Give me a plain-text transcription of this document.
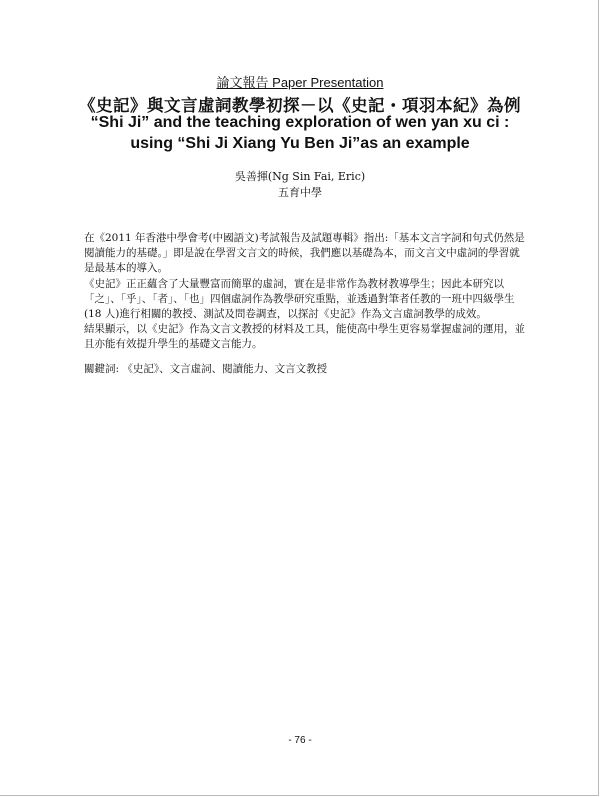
論文報告 Paper Presentation
《史記》與文言虛詞教學初探－以《史記・項羽本紀》為例
“Shi Ji” and the teaching exploration of wen yan xu ci : using “Shi Ji Xiang Yu Ben Ji”as an example
吳善揮(Ng Sin Fai, Eric)
五育中學

在《2011 年香港中學會考(中國語文)考試報告及試題專輯》指出:「基本文言字詞和句式仍然是閱讀能力的基礎。」即是說在學習文言文的時候，我們應以基礎為本，而文言文中虛詞的學習就是最基本的導入。

《史記》正正蘊含了大量豐富而簡單的虛詞，實在是非常作為教材教導學生；因此本研究以「之」、「乎」、「者」、「也」四個虛詞作為教學研究重點，並透過對筆者任教的一班中四級學生(18 人)進行相關的教授、測試及問卷調查，以探討《史記》作為文言虛詞教學的成效。

結果顯示，以《史記》作為文言文教授的材料及工具，能使高中學生更容易掌握虛詞的運用，並且亦能有效提升學生的基礎文言能力。

關鍵詞: 《史記》、文言虛詞、閱讀能力、文言文教授
- 76 -
